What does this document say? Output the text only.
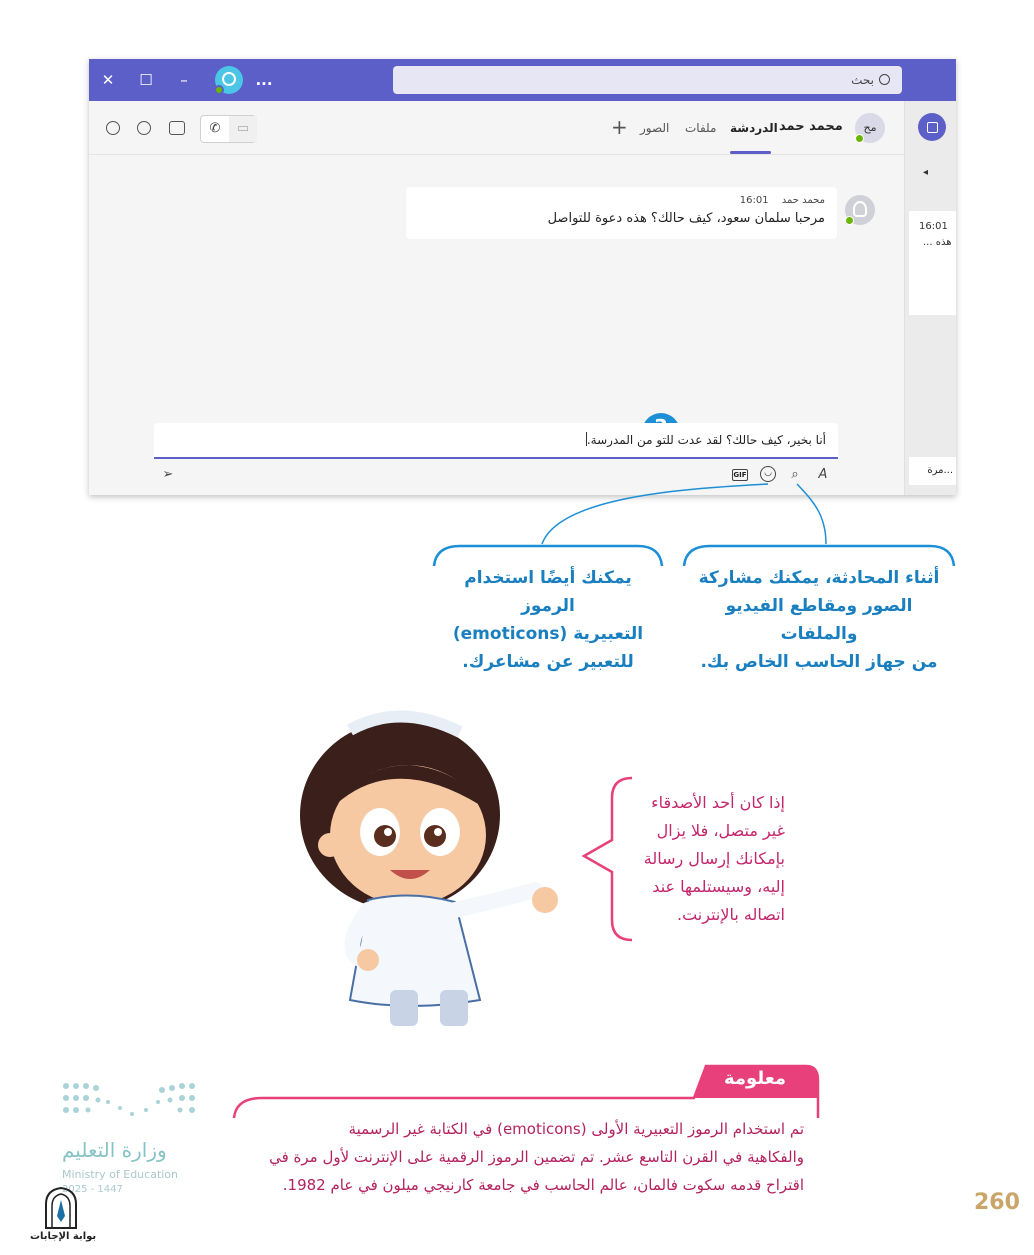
✕	☐	–	...	بحث
مح
محمد حمد
الدردشة
ملفات
الصور
+
✆	▭
محمد حمد 16:01
مرحبا سلمان سعود، كيف حالك؟ هذه دعوة للتواصل
أنا بخير، كيف حالك؟ لقد عدت للتو من المدرسة.
➢	GIF	◡	⌕	A
◂
16:01
هذه ...
...مرة
يمكنك أيضًا استخدام الرموز
التعبيرية (emoticons)
للتعبير عن مشاعرك.
أثناء المحادثة، يمكنك مشاركة
الصور ومقاطع الفيديو والملفات
من جهاز الحاسب الخاص بك.
إذا كان أحد الأصدقاء
غير متصل، فلا يزال
بإمكانك إرسال رسالة
إليه، وسيستلمها عند
اتصاله بالإنترنت.
معلومة
تم استخدام الرموز التعبيرية الأولى (emoticons) في الكتابة غير الرسمية
والفكاهية في القرن التاسع عشر. تم تضمين الرموز الرقمية على الإنترنت لأول مرة في
اقتراح قدمه سكوت فالمان، عالم الحاسب في جامعة كارنيجي ميلون في عام 1982.
وزارة التعليم
Ministry of Education
2025 - 1447
بوابة الإجابات
260
